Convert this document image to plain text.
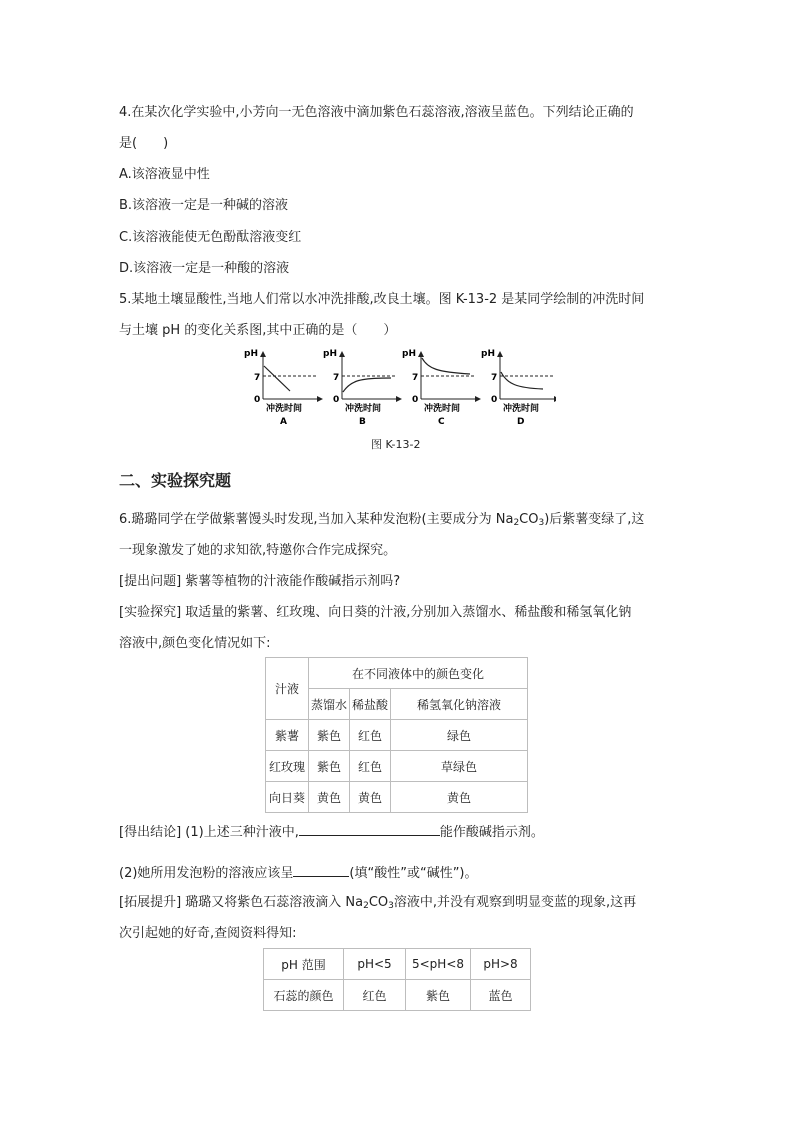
4.在某次化学实验中,小芳向一无色溶液中滴加紫色石蕊溶液,溶液呈蓝色。下列结论正确的
是(　　)
A.该溶液显中性
B.该溶液一定是一种碱的溶液
C.该溶液能使无色酚酞溶液变红
D.该溶液一定是一种酸的溶液
5.某地土壤显酸性,当地人们常以水冲洗排酸,改良土壤。图 K-13-2 是某同学绘制的冲洗时间
与土壤 pH 的变化关系图,其中正确的是（　　）
pH
7
0
冲洗时间
A
pH
7
0
冲洗时间
B
pH
7
0
冲洗时间
C
pH
7
0
冲洗时间
D
图 K-13-2
二、实验探究题
6.璐璐同学在学做紫薯馒头时发现,当加入某种发泡粉(主要成分为 $Na_2CO_3$)后紫薯变绿了,这
一现象激发了她的求知欲,特邀你合作完成探究。
[提出问题] 紫薯等植物的汁液能作酸碱指示剂吗?
[实验探究] 取适量的紫薯、红玫瑰、向日葵的汁液,分别加入蒸馏水、稀盐酸和稀氢氧化钠
溶液中,颜色变化情况如下:
汁液	在不同液体中的颜色变化		
	蒸馏水	稀盐酸	稀氢氧化钠溶液
紫薯	紫色	红色	绿色
红玫瑰	紫色	红色	草绿色
向日葵	黄色	黄色	黄色
[得出结论] (1)上述三种汁液中,	能作酸碱指示剂。
(2)她所用发泡粉的溶液应该呈	(填“酸性”或“碱性”)。
[拓展提升] 璐璐又将紫色石蕊溶液滴入 $Na_2CO_3$溶液中,并没有观察到明显变蓝的现象,这再
次引起她的好奇,查阅资料得知:
pH 范围	pH<5	5<pH<8	pH>8
石蕊的颜色	红色	紫色	蓝色
